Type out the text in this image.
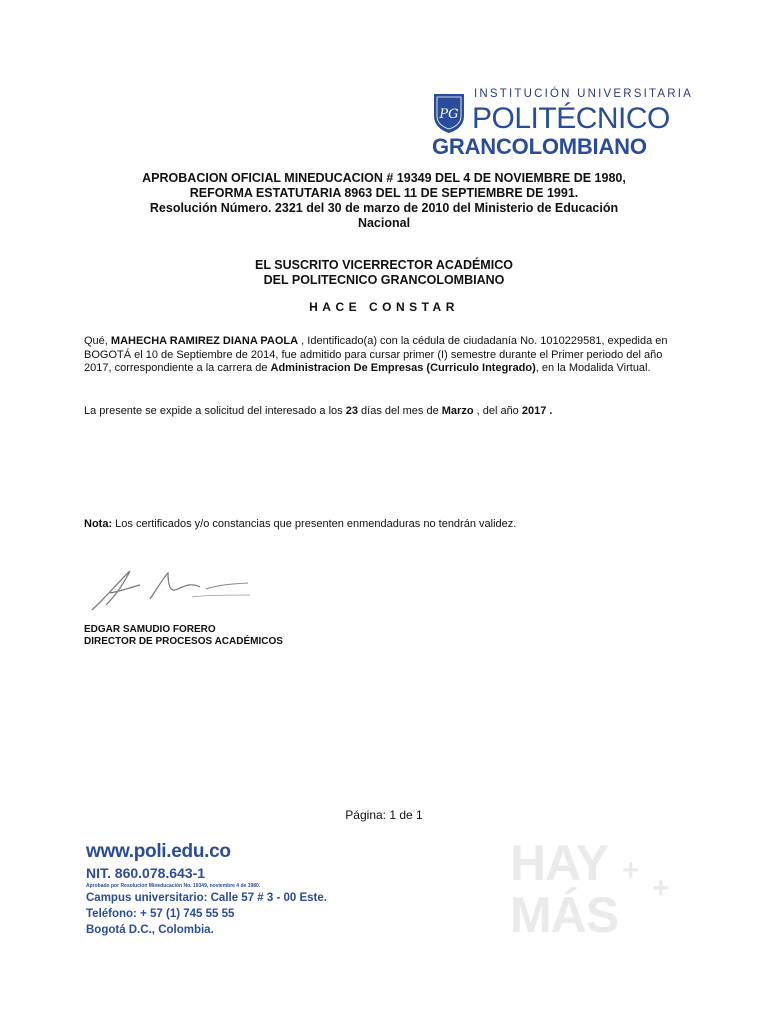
PG
INSTITUCIÓN UNIVERSITARIA
POLITÉCNICO
GRANCOLOMBIANO
APROBACION OFICIAL MINEDUCACION # 19349 DEL 4 DE NOVIEMBRE DE 1980,
REFORMA ESTATUTARIA 8963 DEL 11 DE SEPTIEMBRE DE 1991.
Resolución Número. 2321 del 30 de marzo de 2010 del Ministerio de Educación
Nacional
EL SUSCRITO VICERRECTOR ACADÉMICO
DEL POLITECNICO GRANCOLOMBIANO
HACE CONSTAR
Qué, MAHECHA RAMIREZ DIANA PAOLA , Identificado(a) con la cédula de ciudadanía No. 1010229581, expedida en BOGOTÁ el 10 de Septiembre de 2014, fue admitido para cursar primer (I) semestre durante el Primer periodo del año 2017, correspondiente a la carrera de Administracion De Empresas (Curriculo Integrado), en la Modalida Virtual.
La presente se expide a solicitud del interesado a los 23 días del mes de Marzo , del año 2017 .
Nota: Los certificados y/o constancias que presenten enmendaduras no tendrán validez.
EDGAR SAMUDIO FORERO
DIRECTOR DE PROCESOS ACADÉMICOS
Página: 1 de 1
www.poli.edu.co
NIT. 860.078.643-1
Aprobado por Resolución Mineducación No. 19349, noviembre 4 de 1980.
Campus universitario: Calle 57 # 3 - 00 Este.
Teléfono: + 57 (1) 745 55 55
Bogotá D.C., Colombia.
HAY +
MÁS +
